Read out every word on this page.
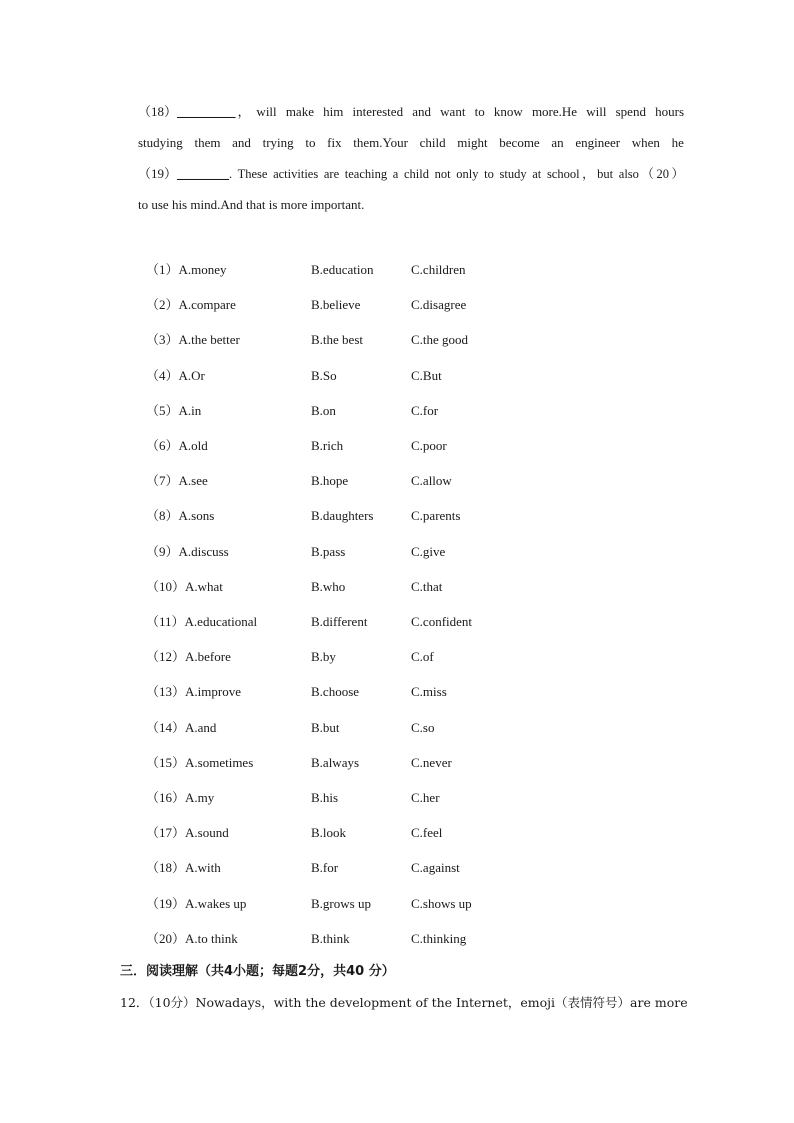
（18） _________ ，will make him interested and want to know more.He will spend hours
studying them and trying to fix them.Your child might become an engineer when he
（19） ________ . These activities are teaching a child not only to study at school，but also（20）
to use his mind.And that is more important.
（1）A.money	B.education	C.children
（2）A.compare	B.believe	C.disagree
（3）A.the better	B.the best	C.the good
（4）A.Or	B.So	C.But
（5）A.in	B.on	C.for
（6）A.old	B.rich	C.poor
（7）A.see	B.hope	C.allow
（8）A.sons	B.daughters	C.parents
（9）A.discuss	B.pass	C.give
（10）A.what	B.who	C.that
（11）A.educational	B.different	C.confident
（12）A.before	B.by	C.of
（13）A.improve	B.choose	C.miss
（14）A.and	B.but	C.so
（15）A.sometimes	B.always	C.never
（16）A.my	B.his	C.her
（17）A.sound	B.look	C.feel
（18）A.with	B.for	C.against
（19）A.wakes up	B.grows up	C.shows up
（20）A.to think	B.think	C.thinking
三．阅读理解（共4小题；每题2分，共40 分）
12．（10分）Nowadays，with the development of the Internet，emoji（表情符号）are more
